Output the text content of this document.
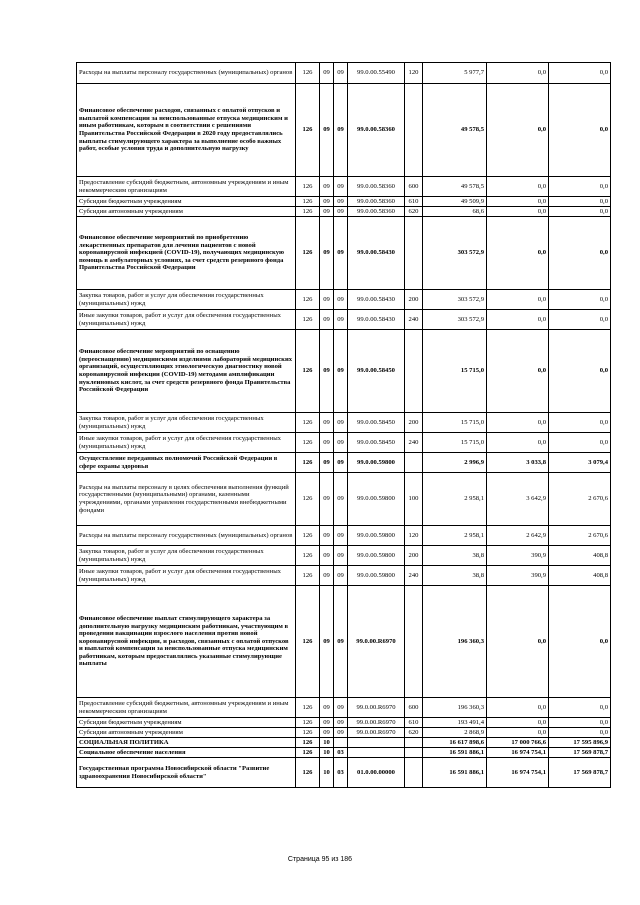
Расходы на выплаты персоналу государственных (муниципальных) органов	126	09	09	99.0.00.55490	120	5 977,7	0,0	0,0
Финансовое обеспечение расходов, связанных с оплатой отпусков и выплатой компенсации за неиспользованные отпуска медицинским и иным работникам, которым в соответствии с решениями Правительства Российской Федерации в 2020 году предоставлялись выплаты стимулирующего характера за выполнение особо важных работ, особые условия труда и дополнительную нагрузку	126	09	09	99.0.00.58360		49 578,5	0,0	0,0
Предоставление субсидий бюджетным, автономным учреждениям и иным некоммерческим организациям	126	09	09	99.0.00.58360	600	49 578,5	0,0	0,0
Субсидии бюджетным учреждениям	126	09	09	99.0.00.58360	610	49 509,9	0,0	0,0
Субсидии автономным учреждениям	126	09	09	99.0.00.58360	620	68,6	0,0	0,0
Финансовое обеспечение мероприятий по приобретению лекарственных препаратов для лечения пациентов с новой коронавирусной инфекцией (COVID-19), получающих медицинскую помощь в амбулаторных условиях, за счет средств резервного фонда Правительства Российской Федерации	126	09	09	99.0.00.58430		303 572,9	0,0	0,0
Закупка товаров, работ и услуг для обеспечения государственных (муниципальных) нужд	126	09	09	99.0.00.58430	200	303 572,9	0,0	0,0
Иные закупки товаров, работ и услуг для обеспечения государственных (муниципальных) нужд	126	09	09	99.0.00.58430	240	303 572,9	0,0	0,0
Финансовое обеспечение мероприятий по оснащению (переоснащению) медицинскими изделиями лабораторий медицинских организаций, осуществляющих этиологическую диагностику новой коронавирусной инфекции (COVID-19) методами амплификации нуклеиновых кислот, за счет средств резервного фонда Правительства Российской Федерации	126	09	09	99.0.00.58450		15 715,0	0,0	0,0
Закупка товаров, работ и услуг для обеспечения государственных (муниципальных) нужд	126	09	09	99.0.00.58450	200	15 715,0	0,0	0,0
Иные закупки товаров, работ и услуг для обеспечения государственных (муниципальных) нужд	126	09	09	99.0.00.58450	240	15 715,0	0,0	0,0
Осуществление переданных полномочий Российской Федерации в сфере охраны здоровья	126	09	09	99.0.00.59800		2 996,9	3 033,8	3 079,4
Расходы на выплаты персоналу в целях обеспечения выполнения функций государственными (муниципальными) органами, казенными учреждениями, органами управления государственными внебюджетными фондами	126	09	09	99.0.00.59800	100	2 958,1	3 642,9	2 670,6
Расходы на выплаты персоналу государственных (муниципальных) органов	126	09	09	99.0.00.59800	120	2 958,1	2 642,9	2 670,6
Закупка товаров, работ и услуг для обеспечения государственных (муниципальных) нужд	126	09	09	99.0.00.59800	200	38,8	390,9	408,8
Иные закупки товаров, работ и услуг для обеспечения государственных (муниципальных) нужд	126	09	09	99.0.00.59800	240	38,8	390,9	408,8
Финансовое обеспечение выплат стимулирующего характера за дополнительную нагрузку медицинским работникам, участвующим в проведении вакцинации взрослого населения против новой коронавирусной инфекции, и расходов, связанных с оплатой отпусков и выплатой компенсации за неиспользованные отпуска медицинским работникам, которым предоставлялись указанные стимулирующие выплаты	126	09	09	99.0.00.R6970		196 360,3	0,0	0,0
Предоставление субсидий бюджетным, автономным учреждениям и иным некоммерческим организациям	126	09	09	99.0.00.R6970	600	196 360,3	0,0	0,0
Субсидии бюджетным учреждениям	126	09	09	99.0.00.R6970	610	193 491,4	0,0	0,0
Субсидии автономным учреждениям	126	09	09	99.0.00.R6970	620	2 868,9	0,0	0,0
СОЦИАЛЬНАЯ ПОЛИТИКА	126	10				16 617 898,6	17 000 766,6	17 595 896,9
Социальное обеспечение населения	126	10	03			16 591 886,1	16 974 754,1	17 569 878,7
Государственная программа Новосибирской области "Развитие здравоохранения Новосибирской области"	126	10	03	01.0.00.00000		16 591 886,1	16 974 754,1	17 569 878,7
Страница 95 из 186
